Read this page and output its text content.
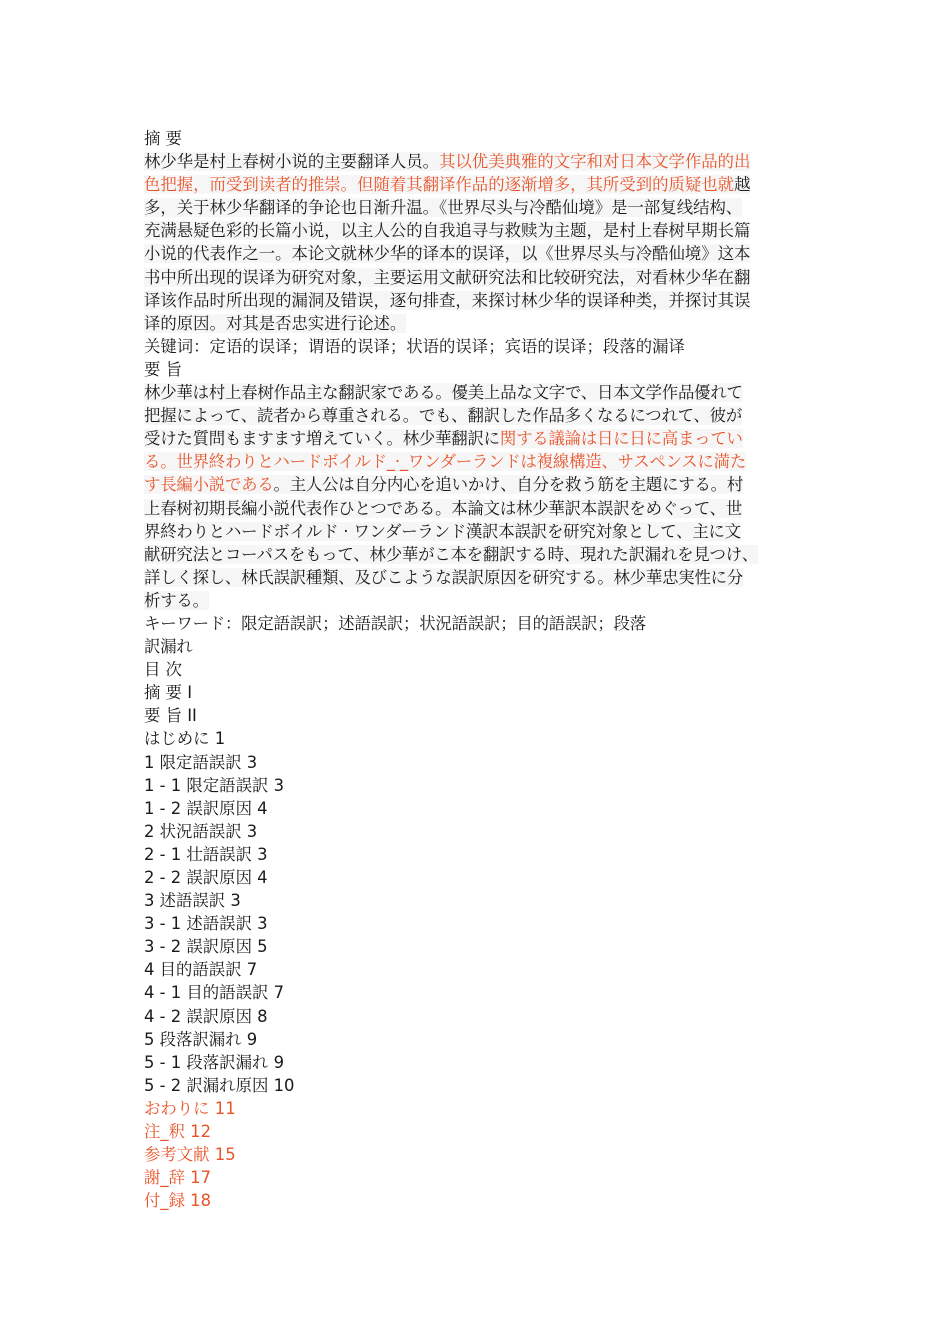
摘 要
林少华是村上春树小说的主要翻译人员。其以优美典雅的文字和对日本文学作品的出
色把握，而受到读者的推崇。但随着其翻译作品的逐渐增多，其所受到的质疑也就越
多，关于林少华翻译的争论也日渐升温。《世界尽头与冷酷仙境》是一部复线结构、
充满悬疑色彩的长篇小说，以主人公的自我追寻与救赎为主题，是村上春树早期长篇
小说的代表作之一。本论文就林少华的译本的误译，以《世界尽头与冷酷仙境》这本
书中所出现的误译为研究对象，主要运用文献研究法和比较研究法，对看林少华在翻
译该作品时所出现的漏洞及错误，逐句排查，来探讨林少华的误译种类，并探讨其误
译的原因。对其是否忠实进行论述。
关键词：定语的误译；谓语的误译；状语的误译；宾语的误译；段落的漏译
要 旨
林少華は村上春树作品主な翻訳家である。優美上品な文字で、日本文学作品優れて
把握によって、読者から尊重される。でも、翻訳した作品多くなるにつれて、彼が
受けた質問もますます増えていく。林少華翻訳に関する議論は日に日に高まってい
る。世界終わりとハードボイルド_·_ワンダーランドは複線構造、サスペンスに満た
す長編小説である。主人公は自分内心を追いかけ、自分を救う筋を主題にする。村
上春树初期長編小説代表作ひとつである。本論文は林少華訳本誤訳をめぐって、世
界終わりとハードボイルド · ワンダーランド漢訳本誤訳を研究対象として、主に文
献研究法とコーパスをもって、林少華がこ本を翻訳する時、現れた訳漏れを見つけ、
詳しく探し、林氏誤訳種類、及びこような誤訳原因を研究する。林少華忠実性に分
析する。
キーワード：限定語誤訳；述語誤訳；状況語誤訳；目的語誤訳；段落
訳漏れ
目 次
摘 要 I
要 旨 II
はじめに 1
1 限定語誤訳 3
1 - 1 限定語誤訳 3
1 - 2 誤訳原因 4
2 状況語誤訳 3
2 - 1 壮語誤訳 3
2 - 2 誤訳原因 4
3 述語誤訳 3
3 - 1 述語誤訳 3
3 - 2 誤訳原因 5
4 目的語誤訳 7
4 - 1 目的語誤訳 7
4 - 2 誤訳原因 8
5 段落訳漏れ 9
5 - 1 段落訳漏れ 9
5 - 2 訳漏れ原因 10
おわりに 11
注_釈 12
参考文献 15
謝_辞 17
付_録 18
